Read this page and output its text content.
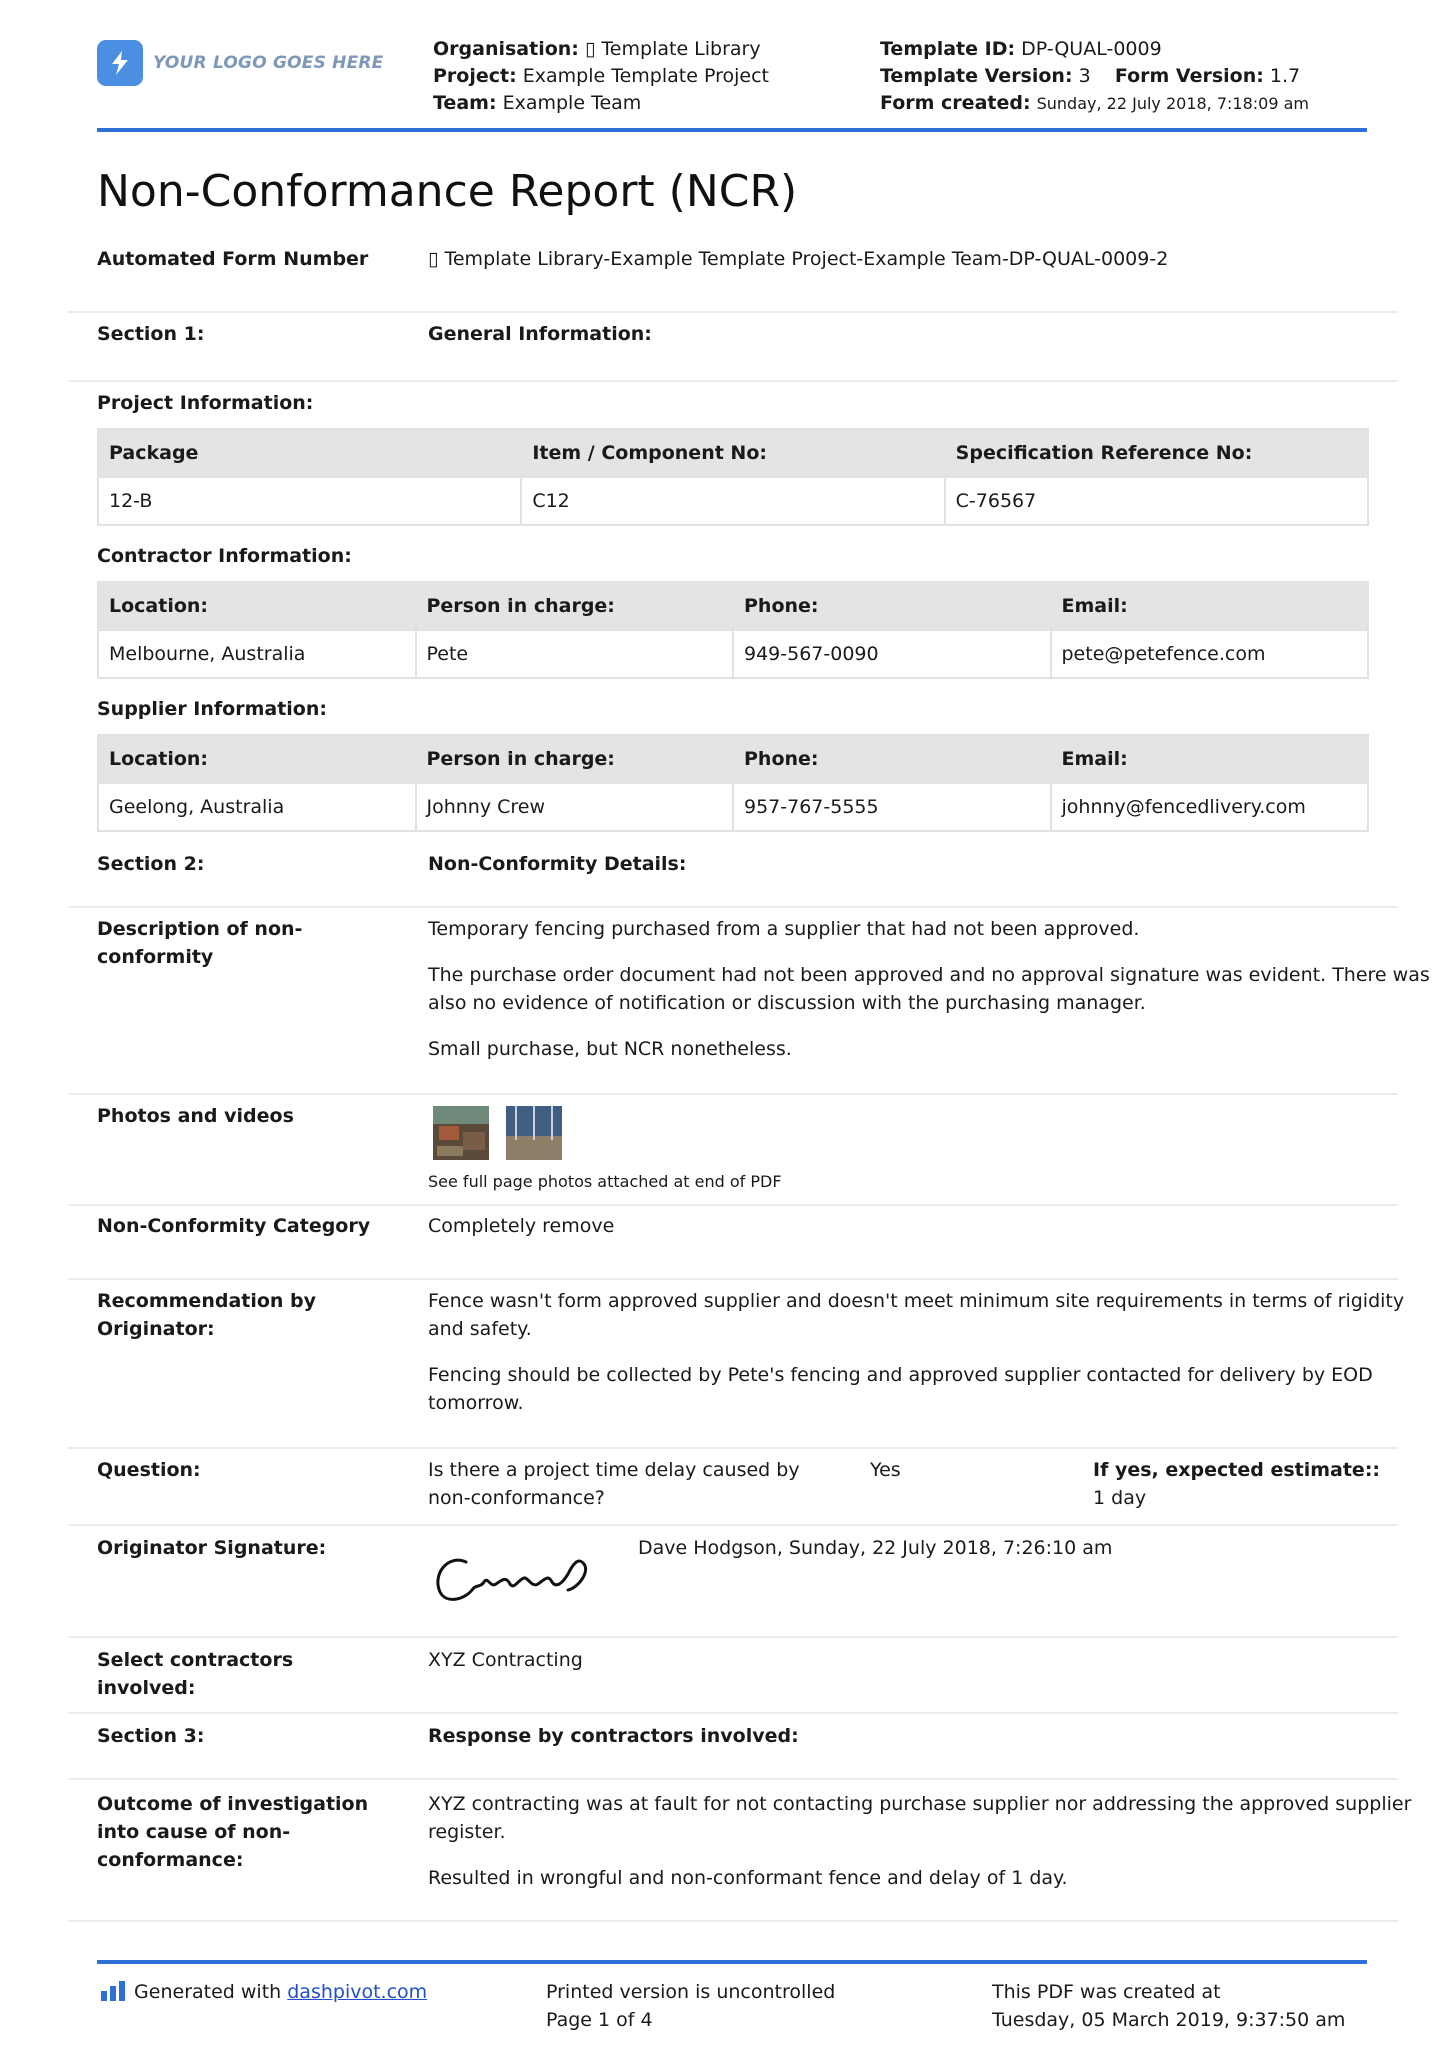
YOUR LOGO GOES HERE
Organisation: ▯ Template Library
Project: Example Template Project
Team: Example Team
Template ID: DP-QUAL-0009
Template Version: 3 Form Version: 1.7
Form created: Sunday, 22 July 2018, 7:18:09 am
Non-Conformance Report (NCR)
Automated Form Number	▯ Template Library-Example Template Project-Example Team-DP-QUAL-0009-2
Section 1:	General Information:
Project Information:
Package	Item / Component No:	Specification Reference No:
12-B	C12	C-76567
Contractor Information:
Location:	Person in charge:	Phone:	Email:
Melbourne, Australia	Pete	949-567-0090	pete@petefence.com
Supplier Information:
Location:	Person in charge:	Phone:	Email:
Geelong, Australia	Johnny Crew	957-767-5555	johnny@fencedlivery.com
Section 2:	Non-Conformity Details:
Description of non-conformity

Temporary fencing purchased from a supplier that had not been approved.

The purchase order document had not been approved and no approval signature was evident. There was also no evidence of notification or discussion with the purchasing manager.

Small purchase, but NCR nonetheless.

Photos and videos
See full page photos attached at end of PDF
Non-Conformity Category	Completely remove
Recommendation by Originator:

Fence wasn't form approved supplier and doesn't meet minimum site requirements in terms of rigidity and safety.

Fencing should be collected by Pete's fencing and approved supplier contacted for delivery by EOD tomorrow.

Question:	Is there a project time delay caused by non-conformance?
Yes	If yes, expected estimate:: 1 day
Originator Signature:	Dave Hodgson, Sunday, 22 July 2018, 7:26:10 am
Select contractors involved:
XYZ Contracting
Section 3:	Response by contractors involved:
Outcome of investigation into cause of non-conformance:

XYZ contracting was at fault for not contacting purchase supplier nor addressing the approved supplier register.

Resulted in wrongful and non-conformant fence and delay of 1 day.

Generated with dashpivot.com	Printed version is uncontrolled
Page 1 of 4
This PDF was created at
Tuesday, 05 March 2019, 9:37:50 am
